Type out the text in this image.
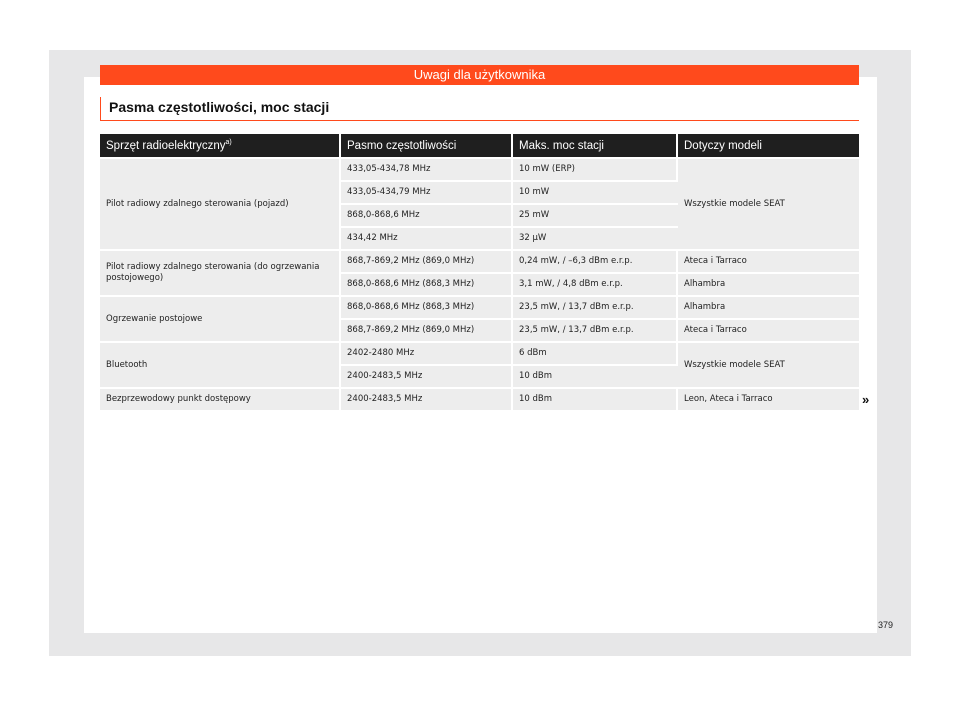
Uwagi dla użytkownika
Pasma częstotliwości, moc stacji
Sprzęt radioelektryczny$^{a)}$	Pasmo częstotliwości	Maks. moc stacji	Dotyczy modeli
Pilot radiowy zdalnego sterowania (pojazd)	433,05-434,78 MHz	10 mW (ERP)	Wszystkie modele SEAT
	433,05-434,79 MHz	10 mW	
	868,0-868,6 MHz	25 mW	
	434,42 MHz	32 µW	
Pilot radiowy zdalnego sterowania (do ogrzewania postojowego)	868,7-869,2 MHz (869,0 MHz)	0,24 mW, / –6,3 dBm e.r.p.	Ateca i Tarraco
	868,0-868,6 MHz (868,3 MHz)	3,1 mW, / 4,8 dBm e.r.p.	Alhambra
Ogrzewanie postojowe	868,0-868,6 MHz (868,3 MHz)	23,5 mW, / 13,7 dBm e.r.p.	Alhambra
	868,7-869,2 MHz (869,0 MHz)	23,5 mW, / 13,7 dBm e.r.p.	Ateca i Tarraco
Bluetooth	2402-2480 MHz	6 dBm	Wszystkie modele SEAT
	2400-2483,5 MHz	10 dBm	
Bezprzewodowy punkt dostępowy	2400-2483,5 MHz	10 dBm	Leon, Ateca i Tarraco	»
379
